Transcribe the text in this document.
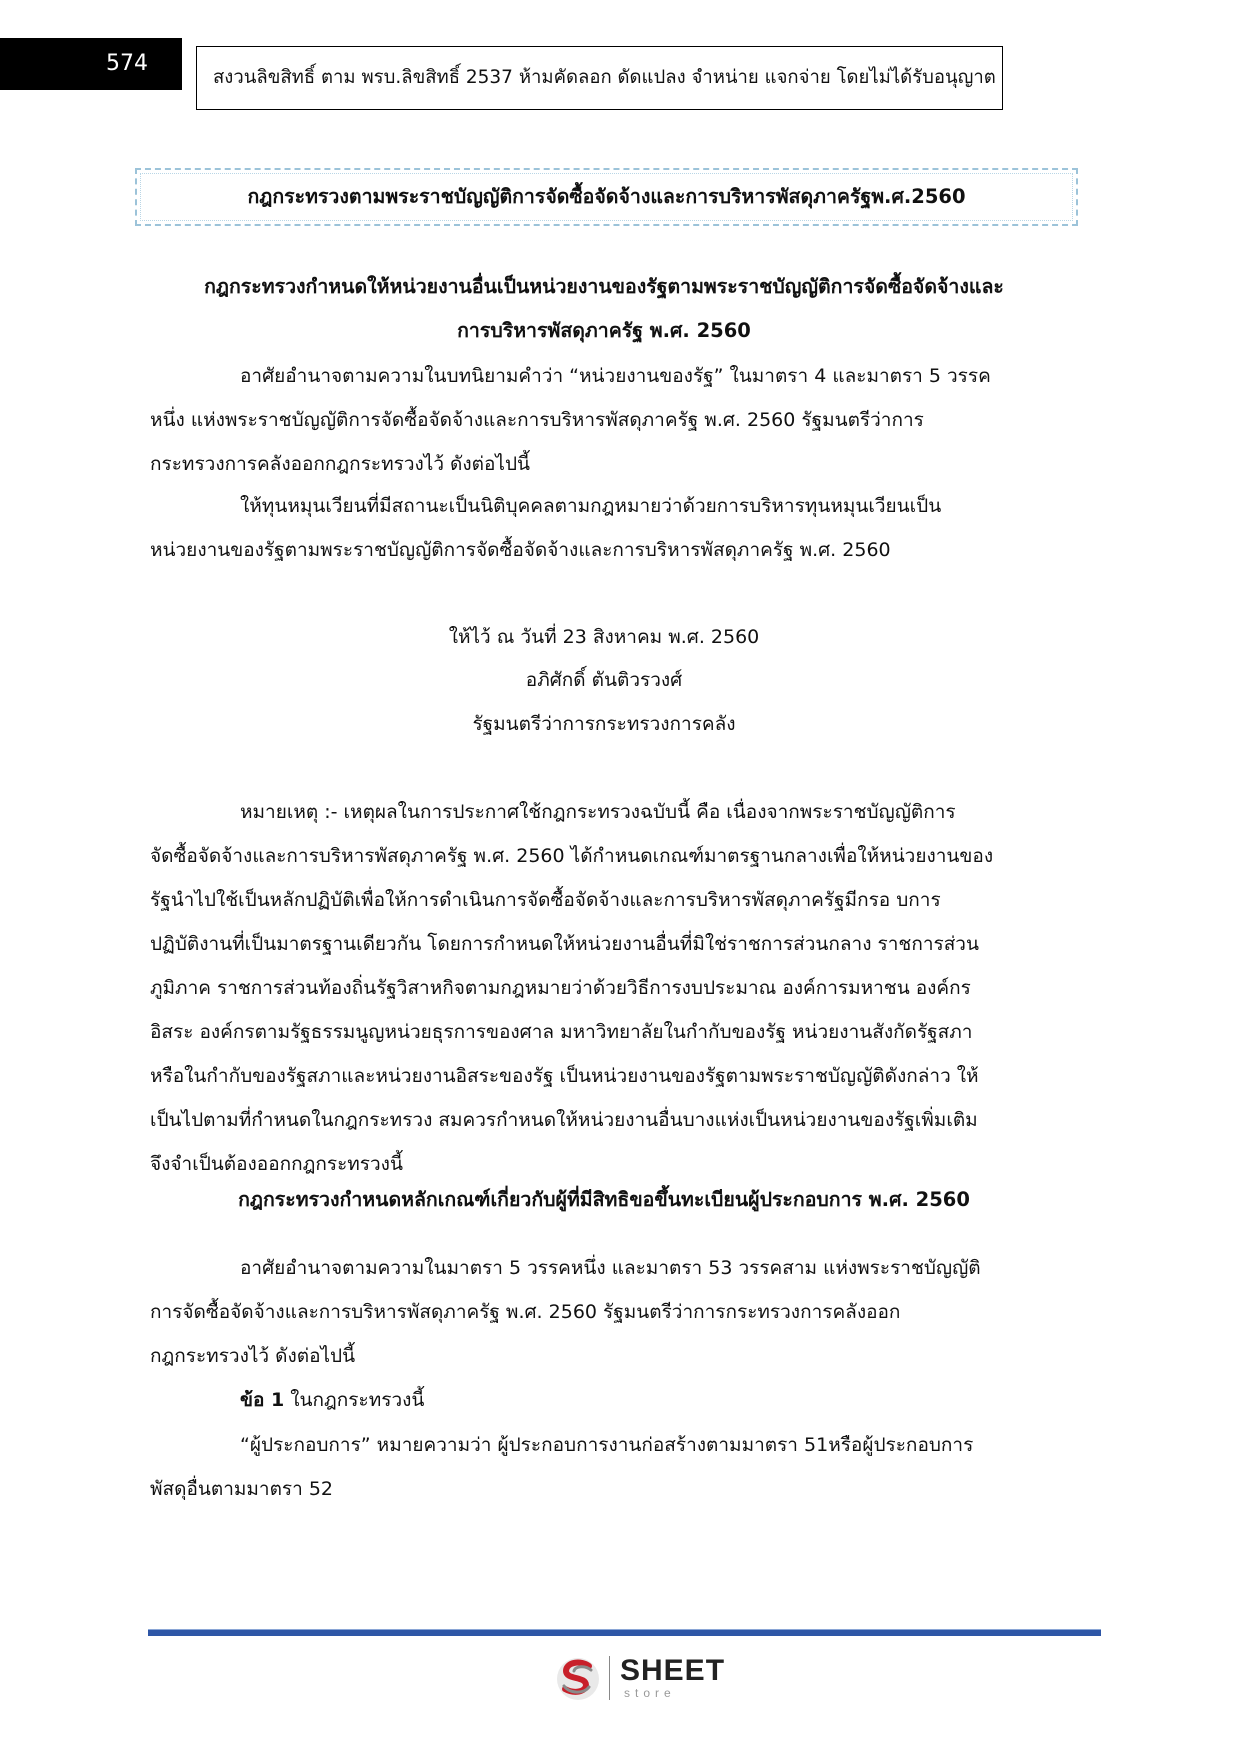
574
สงวนลิขสิทธิ์ ตาม พรบ.ลิขสิทธิ์ 2537 ห้ามคัดลอก ดัดแปลง จำหน่าย แจกจ่าย โดยไม่ได้รับอนุญาต
กฎกระทรวงตามพระราชบัญญัติการจัดซื้อจัดจ้างและการบริหารพัสดุภาครัฐพ.ศ.2560
กฎกระทรวงกำหนดให้หน่วยงานอื่นเป็นหน่วยงานของรัฐตามพระราชบัญญัติการจัดซื้อจัดจ้างและ
การบริหารพัสดุภาครัฐ พ.ศ. 2560
อาศัยอำนาจตามความในบทนิยามคำว่า “หน่วยงานของรัฐ” ในมาตรา 4 และมาตรา 5 วรรค
หนึ่ง แห่งพระราชบัญญัติการจัดซื้อจัดจ้างและการบริหารพัสดุภาครัฐ พ.ศ. 2560 รัฐมนตรีว่าการ
กระทรวงการคลังออกกฎกระทรวงไว้ ดังต่อไปนี้
ให้ทุนหมุนเวียนที่มีสถานะเป็นนิติบุคคลตามกฎหมายว่าด้วยการบริหารทุนหมุนเวียนเป็น
หน่วยงานของรัฐตามพระราชบัญญัติการจัดซื้อจัดจ้างและการบริหารพัสดุภาครัฐ พ.ศ. 2560
ให้ไว้ ณ วันที่ 23 สิงหาคม พ.ศ. 2560
อภิศักดิ์ ตันติวรวงศ์
รัฐมนตรีว่าการกระทรวงการคลัง
หมายเหตุ :- เหตุผลในการประกาศใช้กฎกระทรวงฉบับนี้ คือ เนื่องจากพระราชบัญญัติการ
จัดซื้อจัดจ้างและการบริหารพัสดุภาครัฐ พ.ศ. 2560 ได้กำหนดเกณฑ์มาตรฐานกลางเพื่อให้หน่วยงานของ
รัฐนำไปใช้เป็นหลักปฏิบัติเพื่อให้การดำเนินการจัดซื้อจัดจ้างและการบริหารพัสดุภาครัฐมีกรอ บการ
ปฏิบัติงานที่เป็นมาตรฐานเดียวกัน โดยการกำหนดให้หน่วยงานอื่นที่มิใช่ราชการส่วนกลาง ราชการส่วน
ภูมิภาค ราชการส่วนท้องถิ่นรัฐวิสาหกิจตามกฎหมายว่าด้วยวิธีการงบประมาณ องค์การมหาชน องค์กร
อิสระ องค์กรตามรัฐธรรมนูญหน่วยธุรการของศาล มหาวิทยาลัยในกำกับของรัฐ หน่วยงานสังกัดรัฐสภา
หรือในกำกับของรัฐสภาและหน่วยงานอิสระของรัฐ เป็นหน่วยงานของรัฐตามพระราชบัญญัติดังกล่าว ให้
เป็นไปตามที่กำหนดในกฎกระทรวง สมควรกำหนดให้หน่วยงานอื่นบางแห่งเป็นหน่วยงานของรัฐเพิ่มเติม
จึงจำเป็นต้องออกกฎกระทรวงนี้
กฎกระทรวงกำหนดหลักเกณฑ์เกี่ยวกับผู้ที่มีสิทธิขอขึ้นทะเบียนผู้ประกอบการ พ.ศ. 2560
อาศัยอำนาจตามความในมาตรา 5 วรรคหนึ่ง และมาตรา 53 วรรคสาม แห่งพระราชบัญญัติ
การจัดซื้อจัดจ้างและการบริหารพัสดุภาครัฐ พ.ศ. 2560 รัฐมนตรีว่าการกระทรวงการคลังออก
กฎกระทรวงไว้ ดังต่อไปนี้
ข้อ 1 ในกฎกระทรวงนี้
“ผู้ประกอบการ” หมายความว่า ผู้ประกอบการงานก่อสร้างตามมาตรา 51หรือผู้ประกอบการ
พัสดุอื่นตามมาตรา 52
SHEET
store
